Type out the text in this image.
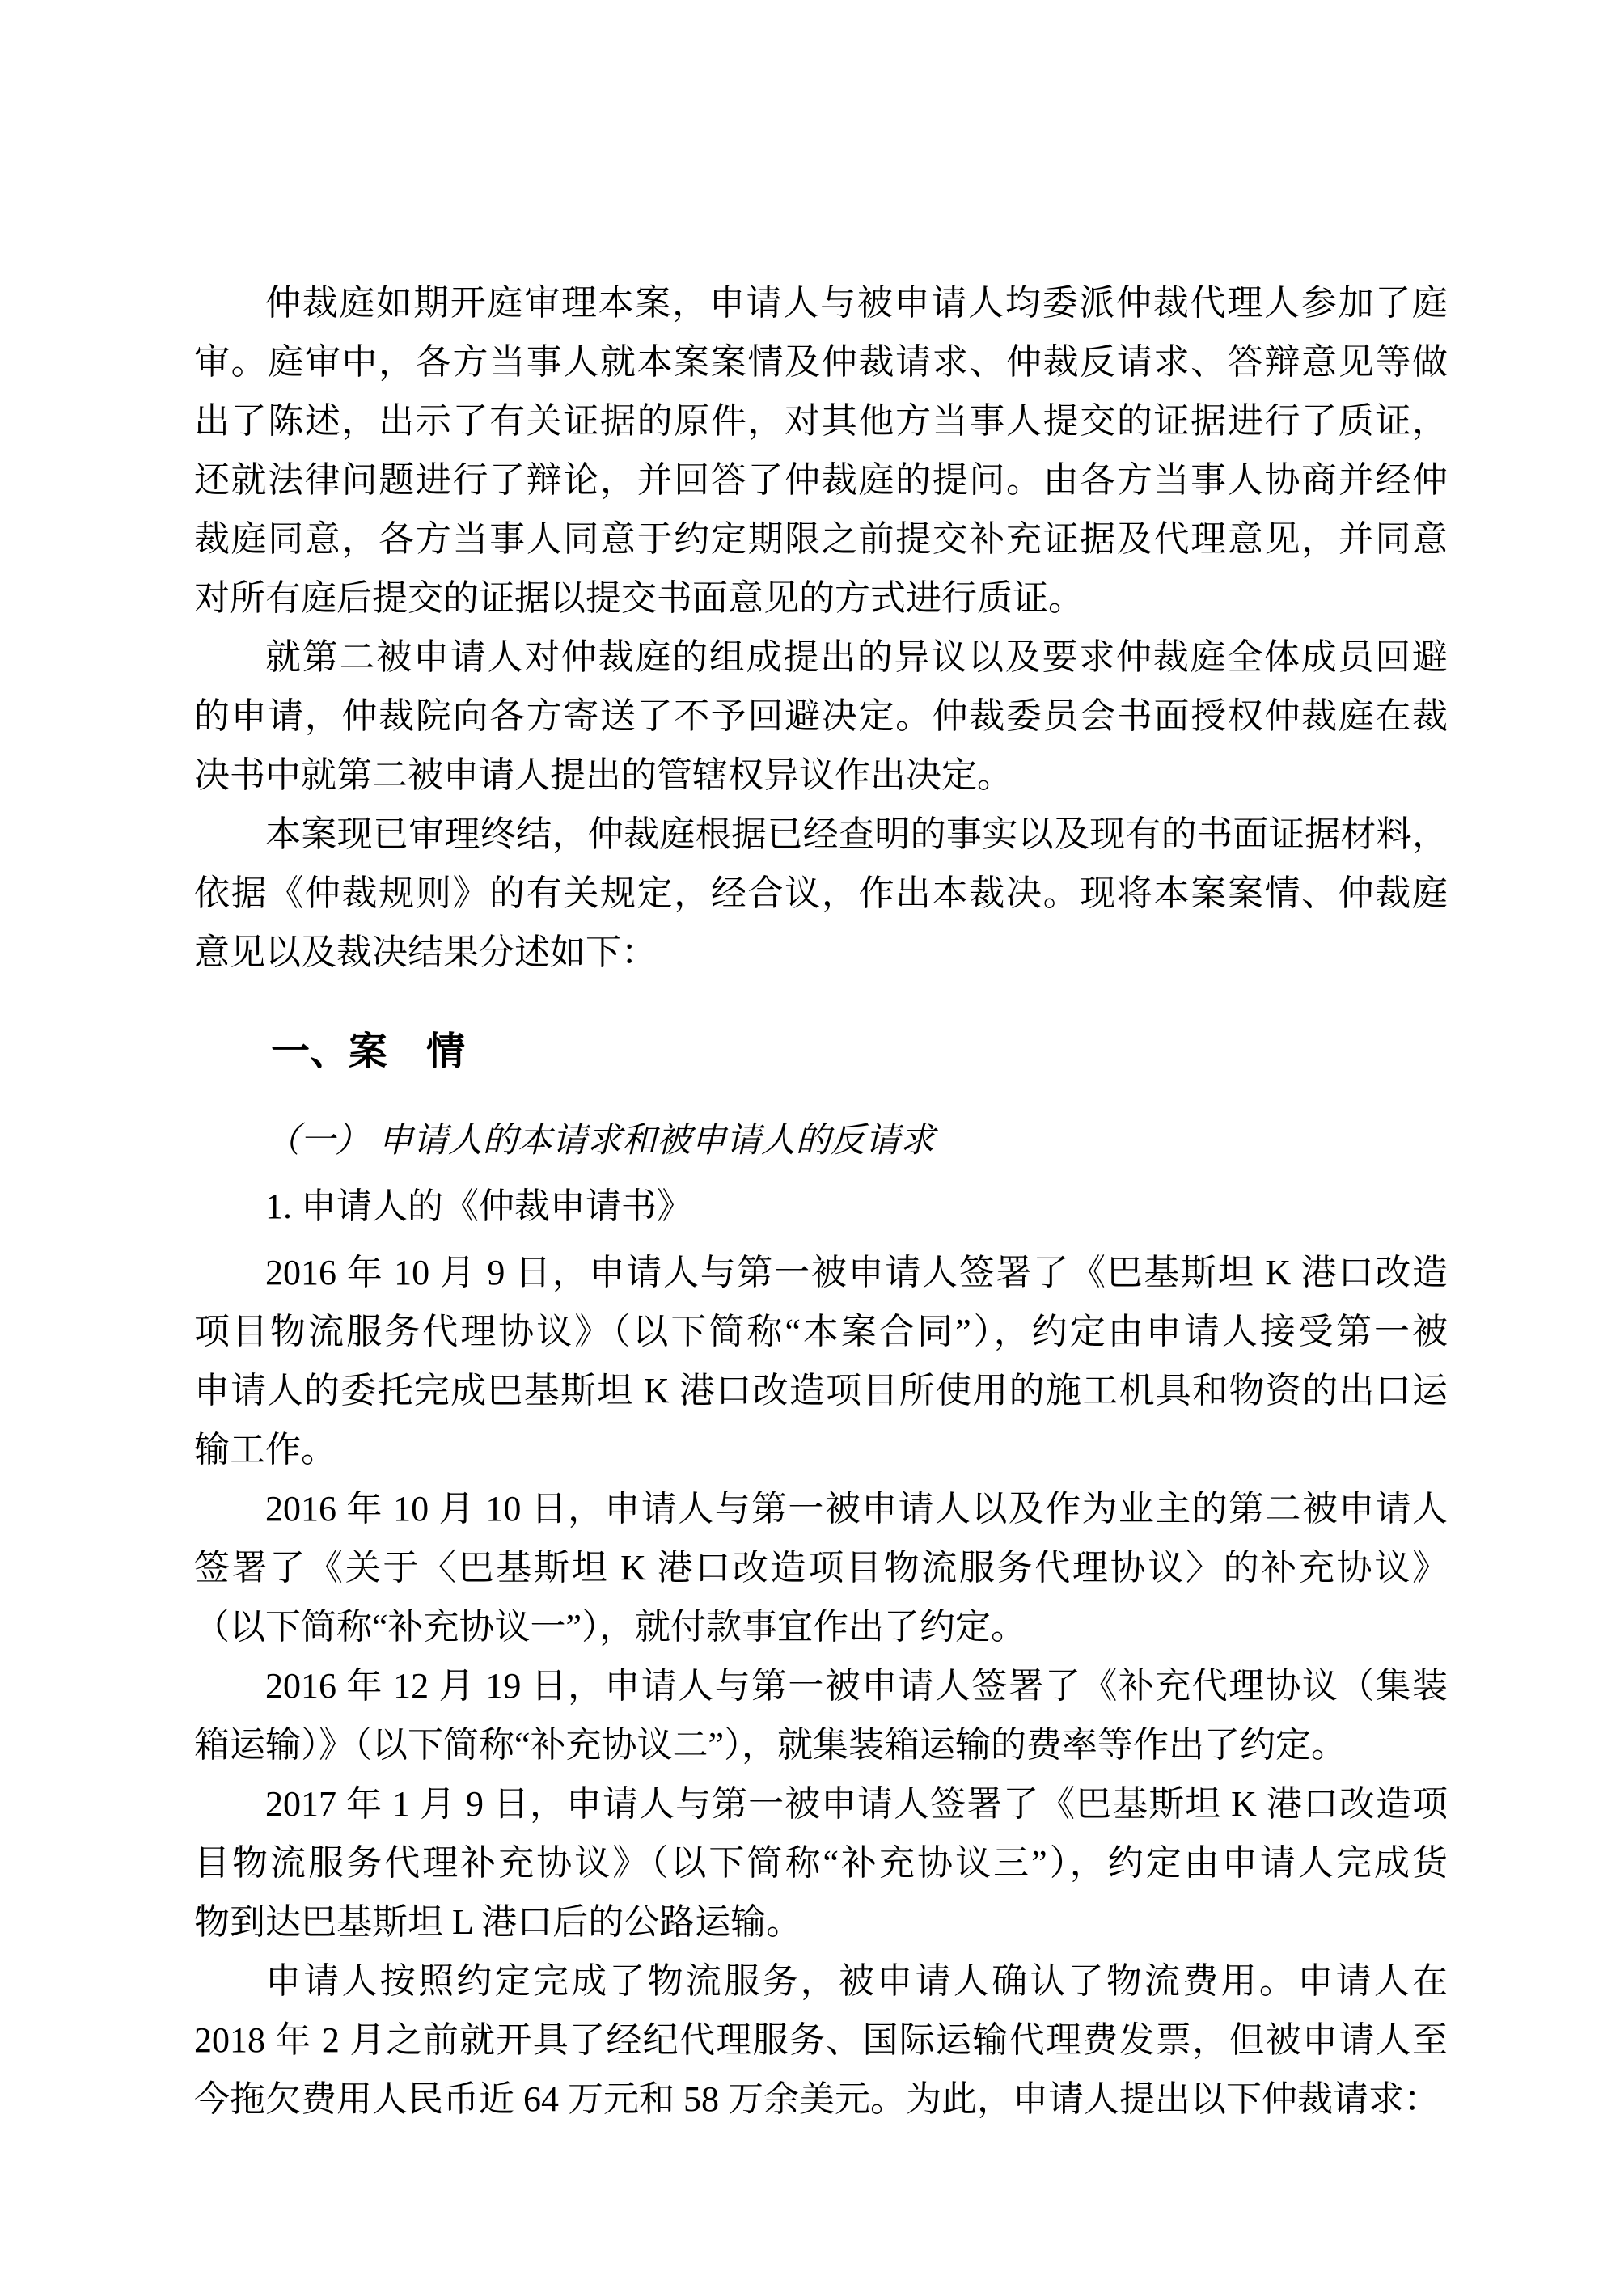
仲裁庭如期开庭审理本案，申请人与被申请人均委派仲裁代理人参加了庭
审。庭审中，各方当事人就本案案情及仲裁请求、仲裁反请求、答辩意见等做
出了陈述，出示了有关证据的原件，对其他方当事人提交的证据进行了质证，
还就法律问题进行了辩论，并回答了仲裁庭的提问。由各方当事人协商并经仲
裁庭同意，各方当事人同意于约定期限之前提交补充证据及代理意见，并同意
对所有庭后提交的证据以提交书面意见的方式进行质证。
就第二被申请人对仲裁庭的组成提出的异议以及要求仲裁庭全体成员回避
的申请，仲裁院向各方寄送了不予回避决定。仲裁委员会书面授权仲裁庭在裁
决书中就第二被申请人提出的管辖权异议作出决定。
本案现已审理终结，仲裁庭根据已经查明的事实以及现有的书面证据材料，
依据《仲裁规则》的有关规定，经合议，作出本裁决。现将本案案情、仲裁庭
意见以及裁决结果分述如下：
一、案　情
（一） 申请人的本请求和被申请人的反请求
1. 申请人的《仲裁申请书》
2016 年 10 月 9 日，申请人与第一被申请人签署了《巴基斯坦 K 港口改造
项目物流服务代理协议》（以下简称“本案合同”），约定由申请人接受第一被
申请人的委托完成巴基斯坦 K 港口改造项目所使用的施工机具和物资的出口运
输工作。
2016 年 10 月 10 日，申请人与第一被申请人以及作为业主的第二被申请人
签署了《关于〈巴基斯坦 K 港口改造项目物流服务代理协议〉的补充协议》
（以下简称“补充协议一”），就付款事宜作出了约定。
2016 年 12 月 19 日，申请人与第一被申请人签署了《补充代理协议（集装
箱运输）》（以下简称“补充协议二”），就集装箱运输的费率等作出了约定。
2017 年 1 月 9 日，申请人与第一被申请人签署了《巴基斯坦 K 港口改造项
目物流服务代理补充协议》（以下简称“补充协议三”），约定由申请人完成货
物到达巴基斯坦 L 港口后的公路运输。
申请人按照约定完成了物流服务，被申请人确认了物流费用。申请人在
2018 年 2 月之前就开具了经纪代理服务、国际运输代理费发票，但被申请人至
今拖欠费用人民币近 64 万元和 58 万余美元。为此，申请人提出以下仲裁请求：
